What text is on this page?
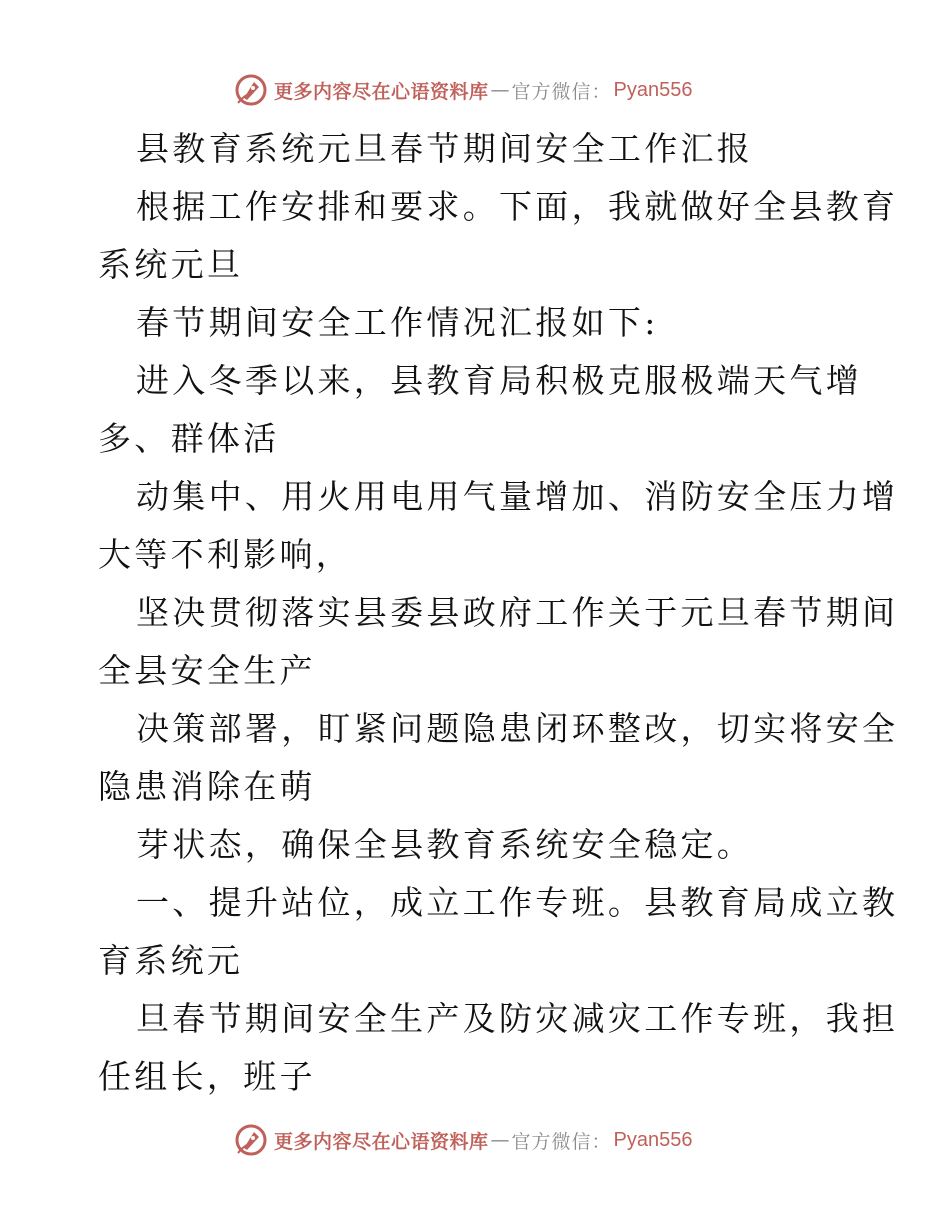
更多内容尽在心语资料库 — 官方微信： Pyan556
县教育系统元旦春节期间安全工作汇报
根据工作安排和要求。下面，我就做好全县教育
系统元旦
春节期间安全工作情况汇报如下:
进入冬季以来，县教育局积极克服极端天气增
多、群体活
动集中、用火用电用气量增加、消防安全压力增
大等不利影响，
坚决贯彻落实县委县政府工作关于元旦春节期间
全县安全生产
决策部署，盯紧问题隐患闭环整改，切实将安全
隐患消除在萌
芽状态，确保全县教育系统安全稳定。
一、提升站位，成立工作专班。县教育局成立教
育系统元
旦春节期间安全生产及防灾减灾工作专班，我担
任组长，班子
更多内容尽在心语资料库 — 官方微信： Pyan556
